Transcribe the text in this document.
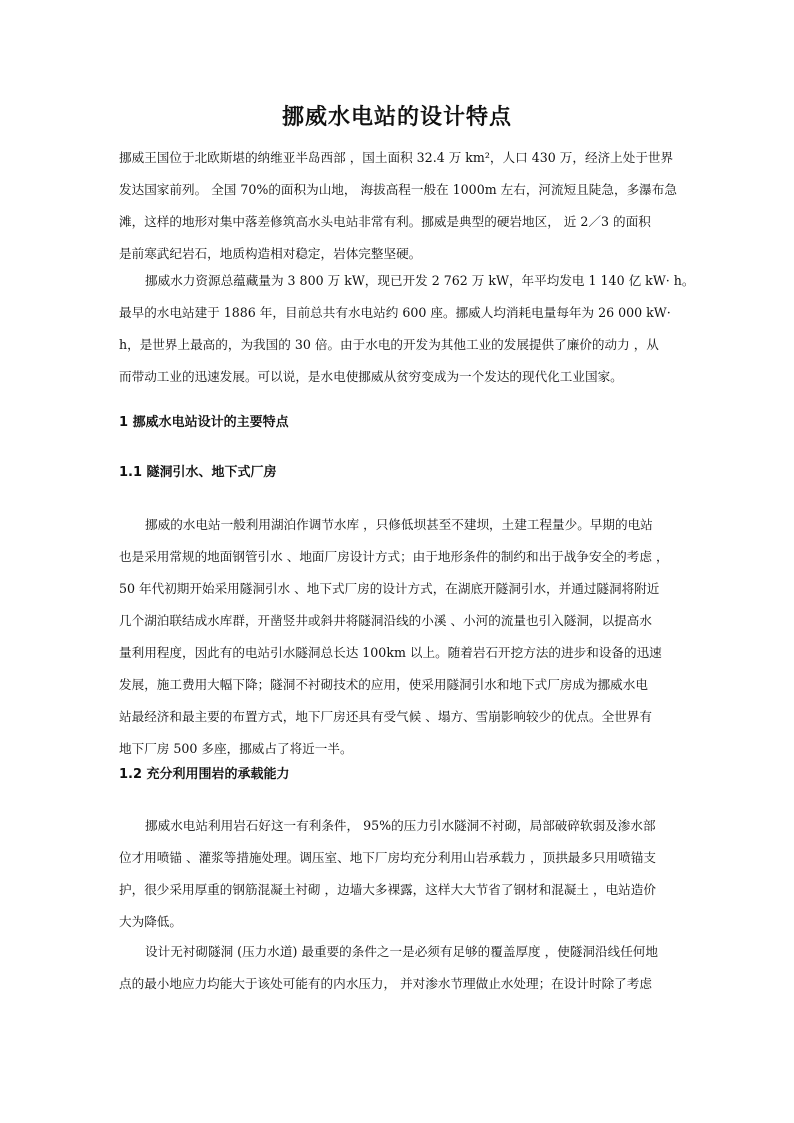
挪威水电站的设计特点
挪威王国位于北欧斯堪的纳维亚半岛西部 ，国土面积 32.4 万 km²，人口 430 万，经济上处于世界
发达国家前列。 全国 70%的面积为山地， 海拔高程一般在 1000m 左右，河流短且陡急，多瀑布急
滩，这样的地形对集中落差修筑高水头电站非常有利。挪威是典型的硬岩地区， 近 2／3 的面积
是前寒武纪岩石，地质构造相对稳定，岩体完整坚硬。
挪威水力资源总蕴藏量为 3 800 万 kW，现已开发 2 762 万 kW，年平均发电 1 140 亿 kW· h。
最早的水电站建于 1886 年，目前总共有水电站约 600 座。挪威人均消耗电量每年为 26 000 kW·
h，是世界上最高的，为我国的 30 倍。由于水电的开发为其他工业的发展提供了廉价的动力 ，从
而带动工业的迅速发展。可以说，是水电使挪威从贫穷变成为一个发达的现代化工业国家。
1 挪威水电站设计的主要特点
1.1 隧洞引水、地下式厂房
挪威的水电站一般利用湖泊作调节水库 ，只修低坝甚至不建坝，土建工程量少。早期的电站
也是采用常规的地面钢管引水 、地面厂房设计方式；由于地形条件的制约和出于战争安全的考虑 ，
50 年代初期开始采用隧洞引水 、地下式厂房的设计方式，在湖底开隧洞引水，并通过隧洞将附近
几个湖泊联结成水库群，开凿竖井或斜井将隧洞沿线的小溪 、小河的流量也引入隧洞，以提高水
量利用程度，因此有的电站引水隧洞总长达 100km 以上。随着岩石开挖方法的进步和设备的迅速
发展，施工费用大幅下降；隧洞不衬砌技术的应用，使采用隧洞引水和地下式厂房成为挪威水电
站最经济和最主要的布置方式，地下厂房还具有受气候 、塌方、雪崩影响较少的优点。全世界有
地下厂房 500 多座，挪威占了将近一半。
1.2 充分利用围岩的承载能力
挪威水电站利用岩石好这一有利条件， 95%的压力引水隧洞不衬砌，局部破碎软弱及渗水部
位才用喷锚 、灌浆等措施处理。调压室、地下厂房均充分利用山岩承载力 ，顶拱最多只用喷锚支
护，很少采用厚重的钢筋混凝土衬砌 ，边墙大多裸露，这样大大节省了钢材和混凝土 ，电站造价
大为降低。
设计无衬砌隧洞 (压力水道) 最重要的条件之一是必须有足够的覆盖厚度 ，使隧洞沿线任何地
点的最小地应力均能大于该处可能有的内水压力， 并对渗水节理做止水处理；在设计时除了考虑
